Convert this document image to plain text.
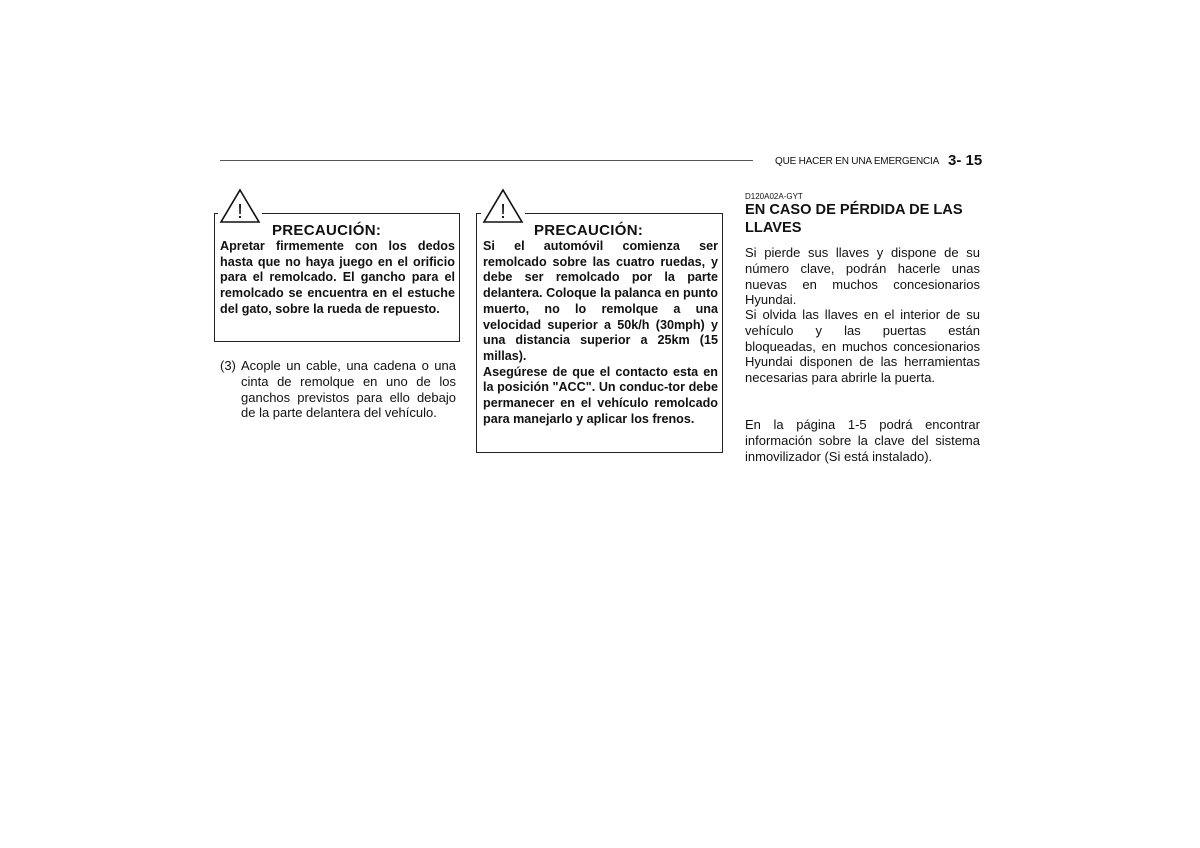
QUE HACER EN UNA EMERGENCIA 3- 15
!
PRECAUCIÓN:

Apretar firmemente con los dedos hasta que no haya juego en el orificio para el remolcado. El gancho para el remolcado se encuentra en el estuche del gato, sobre la rueda de repuesto.

(3) Acople un cable, una cadena o una cinta de remolque en uno de los ganchos previstos para ello debajo de la parte delantera del vehículo.
!
PRECAUCIÓN:

Si el automóvil comienza ser remolcado sobre las cuatro ruedas, y debe ser remolcado por la parte delantera. Coloque la palanca en punto muerto, no lo remolque a una velocidad superior a 50k/h (30mph) y una distancia superior a 25km (15 millas).

Asegúrese de que el contacto esta en la posición "ACC". Un conduc-tor debe permanecer en el vehículo remolcado para manejarlo y aplicar los frenos.

D120A02A-GYT
EN CASO DE PÉRDIDA DE LAS LLAVES

Si pierde sus llaves y dispone de su número clave, podrán hacerle unas nuevas en muchos concesionarios Hyundai.

Si olvida las llaves en el interior de su vehículo y las puertas están bloqueadas, en muchos concesionarios Hyundai disponen de las herramientas necesarias para abrirle la puerta.

En la página 1-5 podrá encontrar información sobre la clave del sistema inmovilizador (Si está instalado).
